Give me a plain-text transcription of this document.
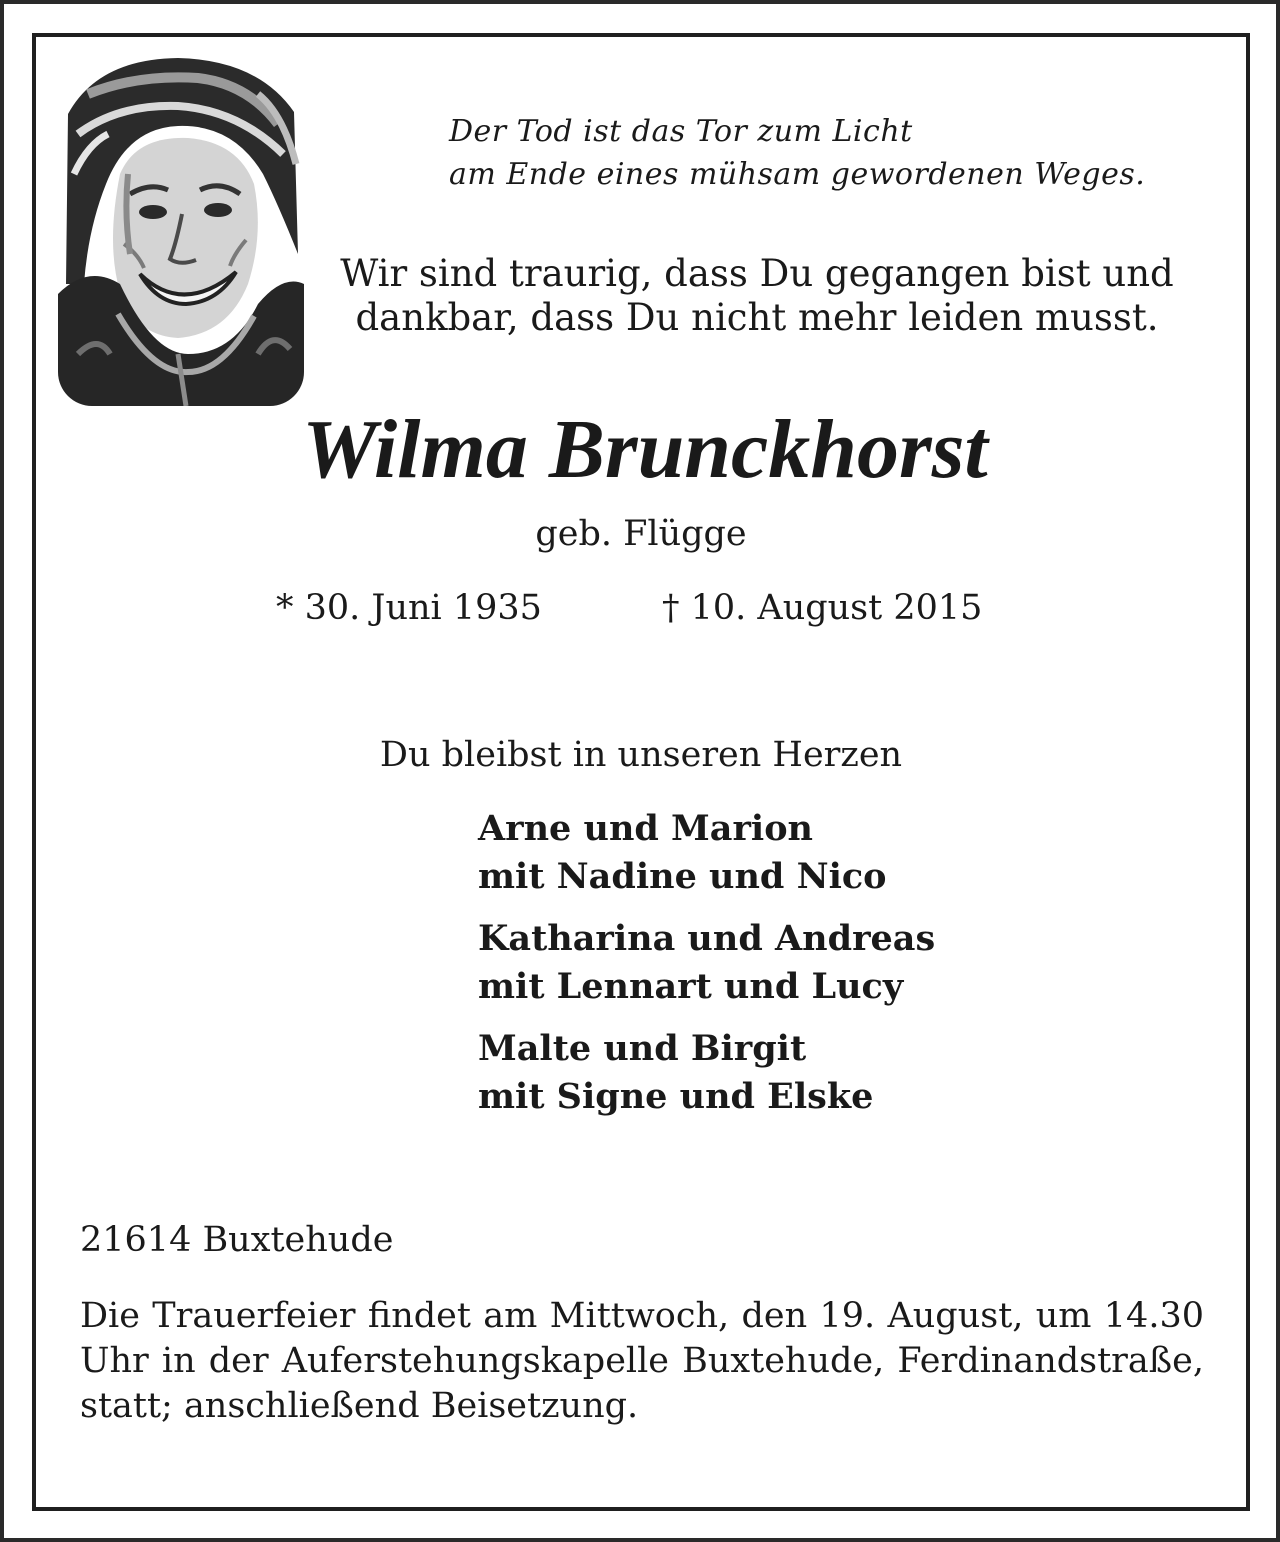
Der Tod ist das Tor zum Licht
am Ende eines mühsam gewordenen Weges.

Wir sind traurig, dass Du gegangen bist und
dankbar, dass Du nicht mehr leiden musst.

Wilma Brunckhorst

geb. Flügge

* 30. Juni 1935	† 10. August 2015

Du bleibst in unseren Herzen

Arne und Marion
mit Nadine und Nico
Katharina und Andreas
mit Lennart und Lucy
Malte und Birgit
mit Signe und Elske

21614 Buxtehude

Die Trauerfeier findet am Mittwoch, den 19. August, um 14.30 Uhr in der Auferstehungskapelle Buxtehude, Ferdinandstraße, statt; anschließend Beisetzung.
